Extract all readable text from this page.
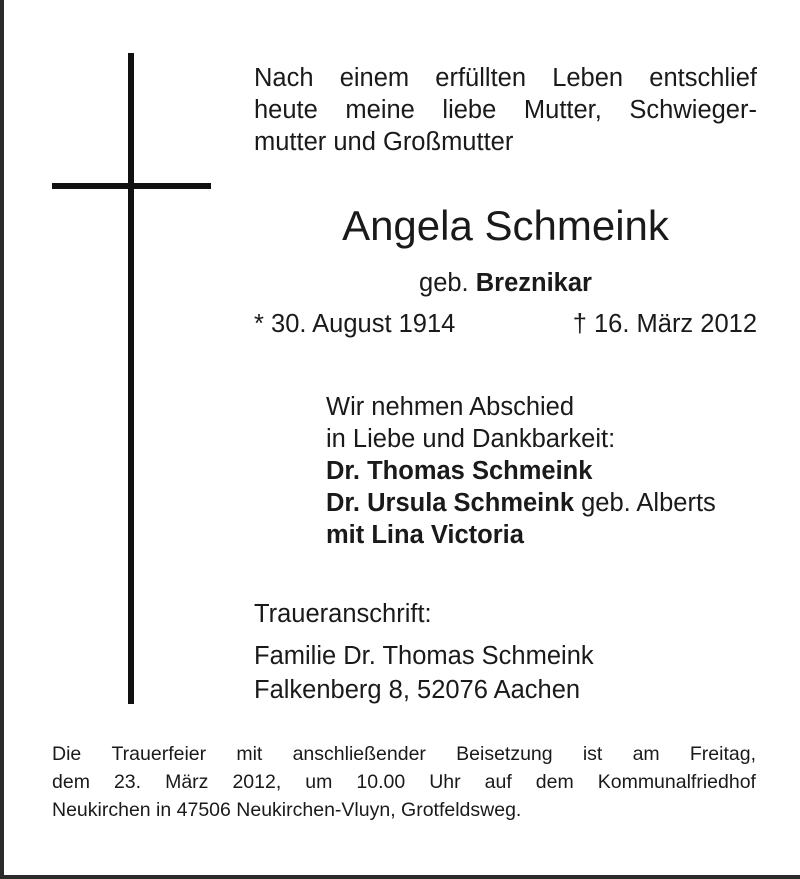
Nach einem erfüllten Leben entschlief
heute meine liebe Mutter, Schwieger-
mutter und Großmutter
Angela Schmeink
geb. Breznikar
* 30. August 1914	† 16. März 2012
Wir nehmen Abschied
in Liebe und Dankbarkeit:
Dr. Thomas Schmeink
Dr. Ursula Schmeink geb. Alberts
mit Lina Victoria
Traueranschrift:
Familie Dr. Thomas Schmeink
Falkenberg 8, 52076 Aachen
Die Trauerfeier mit anschließender Beisetzung ist am Freitag,
dem 23. März 2012, um 10.00 Uhr auf dem Kommunalfriedhof
Neukirchen in 47506 Neukirchen-Vluyn, Grotfeldsweg.
